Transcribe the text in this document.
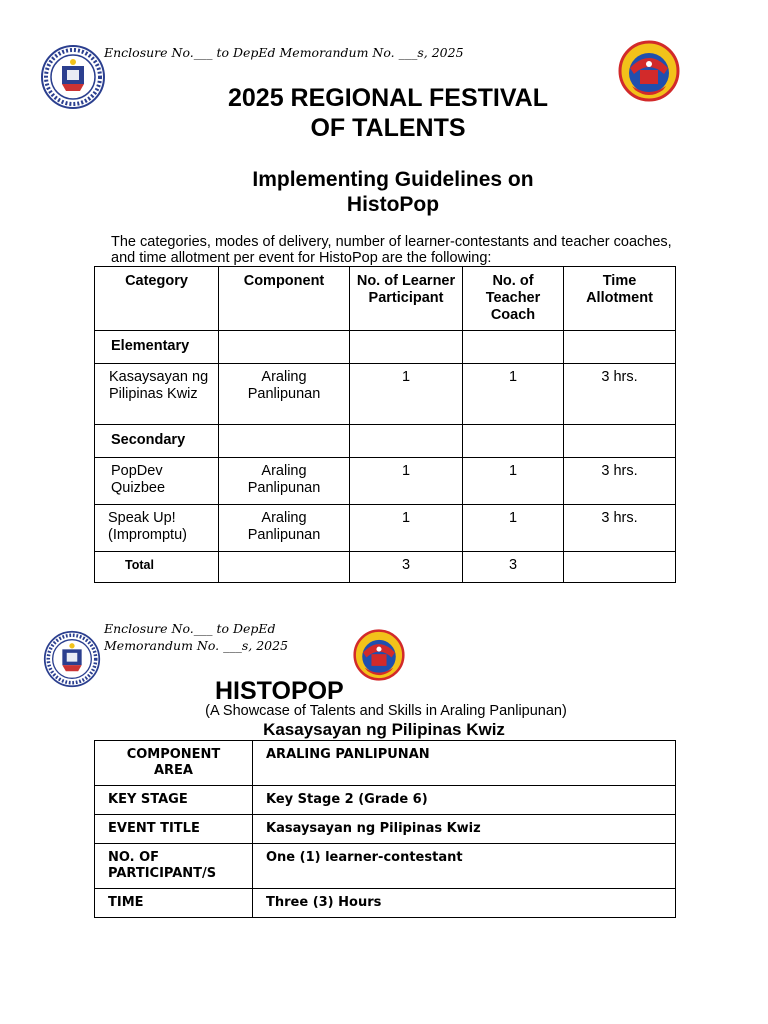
Enclosure No.___ to DepEd Memorandum No. ___s, 2025
2025 REGIONAL FESTIVAL
OF TALENTS
Implementing Guidelines on
HistoPop
The categories, modes of delivery, number of learner-contestants and teacher coaches, and time allotment per event for HistoPop are the following:
Category	Component	No. of Learner Participant	No. of Teacher Coach	Time Allotment
Elementary				
Kasaysayan ng Pilipinas Kwiz	Araling Panlipunan	1	1	3 hrs.
Secondary				
PopDev Quizbee	Araling Panlipunan	1	1	3 hrs.
Speak Up! (Impromptu)	Araling Panlipunan	1	1	3 hrs.
Total		3	3	
Enclosure No.___ to DepEd
Memorandum No. ___s, 2025
HISTOPOP
(A Showcase of Talents and Skills in Araling Panlipunan)
Kasaysayan ng Pilipinas Kwiz
COMPONENT AREA	ARALING PANLIPUNAN
KEY STAGE	Key Stage 2 (Grade 6)
EVENT TITLE	Kasaysayan ng Pilipinas Kwiz
NO. OF PARTICIPANT/S	One (1) learner-contestant
TIME	Three (3) Hours
